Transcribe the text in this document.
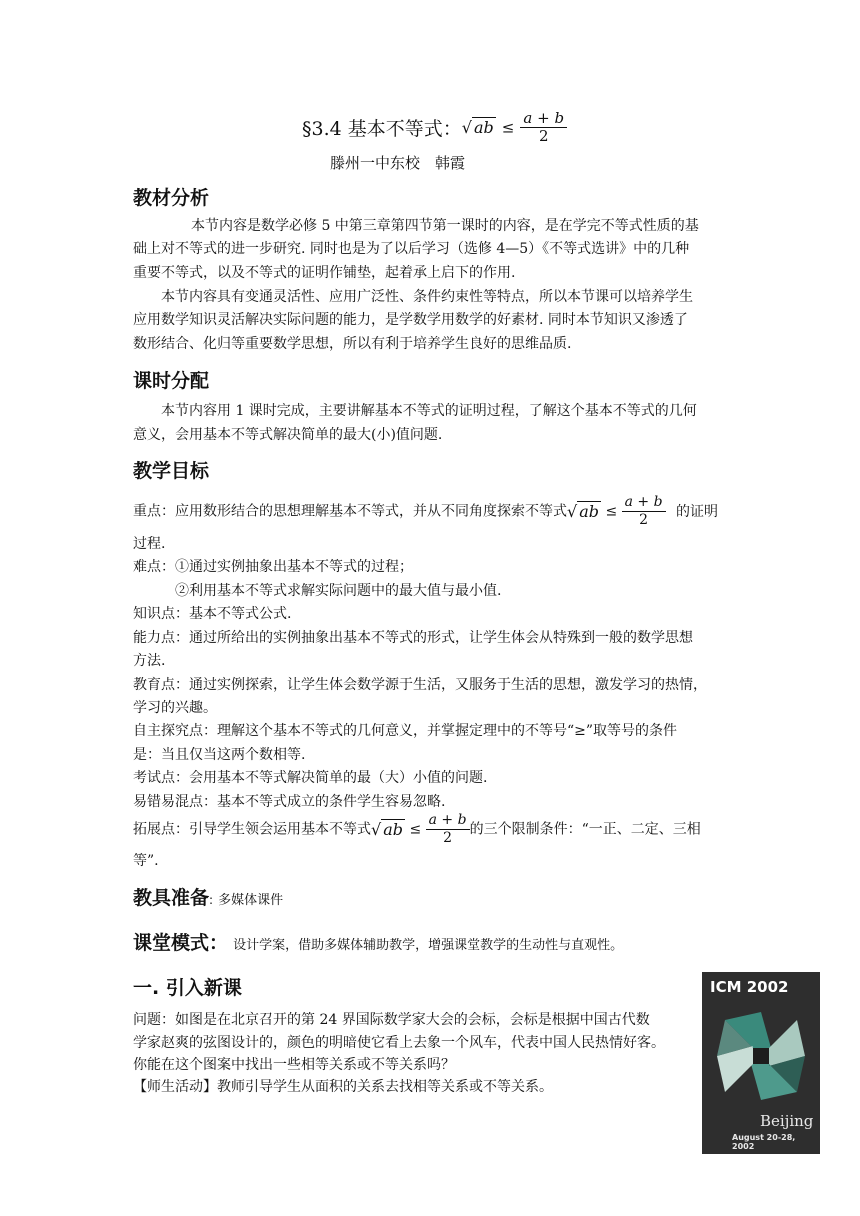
§3.4 基本不等式：√ ab ≤ $\frac{a + b}{2}$
滕州一中东校　韩霞
教材分析
本节内容是数学必修 5 中第三章第四节第一课时的内容，是在学完不等式性质的基
础上对不等式的进一步研究. 同时也是为了以后学习（选修 4—5）《不等式选讲》中的几种
重要不等式，以及不等式的证明作铺垫，起着承上启下的作用.
本节内容具有变通灵活性、应用广泛性、条件约束性等特点，所以本节课可以培养学生
应用数学知识灵活解决实际问题的能力，是学数学用数学的好素材. 同时本节知识又渗透了
数形结合、化归等重要数学思想，所以有利于培养学生良好的思维品质.
课时分配
本节内容用 1 课时完成，主要讲解基本不等式的证明过程，了解这个基本不等式的几何
意义，会用基本不等式解决简单的最大(小)值问题.
教学目标
重点：应用数形结合的思想理解基本不等式，并从不同角度探索不等式√ ab ≤ $\frac{a + b}{2}$ 的证明
过程.
难点：①通过实例抽象出基本不等式的过程；
②利用基本不等式求解实际问题中的最大值与最小值.
知识点：基本不等式公式.
能力点：通过所给出的实例抽象出基本不等式的形式，让学生体会从特殊到一般的数学思想
方法.
教育点：通过实例探索，让学生体会数学源于生活，又服务于生活的思想，激发学习的热情，
学习的兴趣。
自主探究点：理解这个基本不等式的几何意义，并掌握定理中的不等号“≥”取等号的条件
是：当且仅当这两个数相等.
考试点：会用基本不等式解决简单的最（大）小值的问题.
易错易混点：基本不等式成立的条件学生容易忽略.
拓展点：引导学生领会运用基本不等式√ ab ≤ $\frac{a + b}{2}$ 的三个限制条件：“一正、二定、三相
等”.
教具准备: 多媒体课件
课堂模式： 设计学案，借助多媒体辅助教学，增强课堂教学的生动性与直观性。
一. 引入新课
问题：如图是在北京召开的第 24 界国际数学家大会的会标，会标是根据中国古代数
学家赵爽的弦图设计的，颜色的明暗使它看上去象一个风车，代表中国人民热情好客。
你能在这个图案中找出一些相等关系或不等关系吗？
【师生活动】教师引导学生从面积的关系去找相等关系或不等关系。
ICM 2002
Beijing
August 20-28, 2002
